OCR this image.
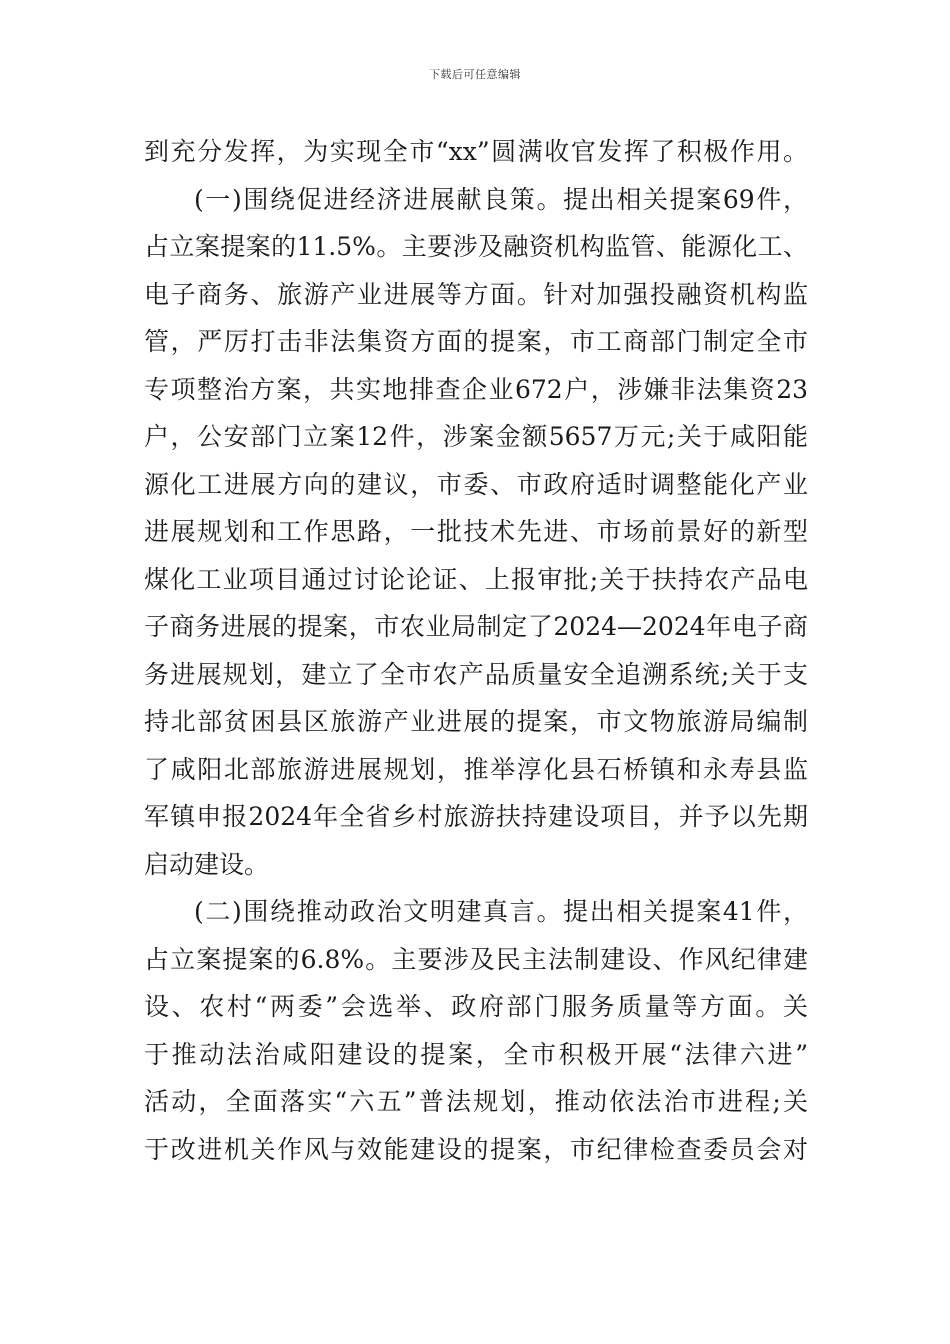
下载后可任意编辑
到充分发挥，为实现全市“xx”圆满收官发挥了积极作用。
(一)围绕促进经济进展献良策。提出相关提案69件，
占立案提案的11.5%。主要涉及融资机构监管、能源化工、
电子商务、旅游产业进展等方面。针对加强投融资机构监
管，严厉打击非法集资方面的提案，市工商部门制定全市
专项整治方案，共实地排查企业672户，涉嫌非法集资23
户，公安部门立案12件，涉案金额5657万元;关于咸阳能
源化工进展方向的建议，市委、市政府适时调整能化产业
进展规划和工作思路，一批技术先进、市场前景好的新型
煤化工业项目通过讨论论证、上报审批;关于扶持农产品电
子商务进展的提案，市农业局制定了2024—2024年电子商
务进展规划，建立了全市农产品质量安全追溯系统;关于支
持北部贫困县区旅游产业进展的提案，市文物旅游局编制
了咸阳北部旅游进展规划，推举淳化县石桥镇和永寿县监
军镇申报2024年全省乡村旅游扶持建设项目，并予以先期
启动建设。
(二)围绕推动政治文明建真言。提出相关提案41件，
占立案提案的6.8%。主要涉及民主法制建设、作风纪律建
设、农村“两委”会选举、政府部门服务质量等方面。关
于推动法治咸阳建设的提案，全市积极开展“法律六进”
活动，全面落实“六五”普法规划，推动依法治市进程;关
于改进机关作风与效能建设的提案，市纪律检查委员会对
